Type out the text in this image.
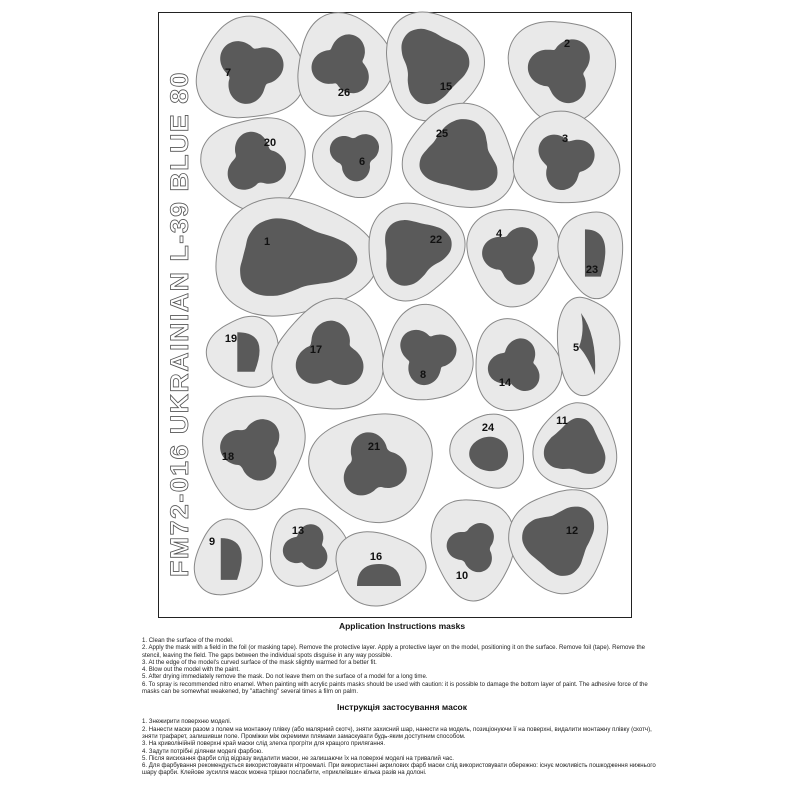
FM72-016 UKRAINIAN L-39 BLUE 80
7
26	15
2
20
6
25	3
1	22	4
23
19
17
8
14
5
18
21
24
11
9
13
16
10
12
Application Instructions masks
1. Clean the surface of the model.
2. Apply the mask with a field in the foil (or masking tape). Remove the protective layer. Apply a protective layer on the model, positioning it on the surface. Remove foil (tape). Remove the stencil, leaving the field. The gaps between the individual spots disguise in any way possible.
3. At the edge of the model's curved surface of the mask slightly warmed for a better fit.
4. Blow out the model with the paint.
5. After drying immediately remove the mask. Do not leave them on the surface of a model for a long time.
6. To spray is recommended nitro enamel. When painting with acrylic paints masks should be used with caution: it is possible to damage the bottom layer of paint. The adhesive force of the masks can be somewhat weakened, by "attaching" several times a film on palm.
Інструкція застосування масок
1. Знежирити поверхню моделі.
2. Нанести маски разом з полем на монтажну плівку (або малярний скотч), зняти захисний шар, нанести на модель, позиціонуючи її на поверхні, видалити монтажну плівку (скотч), зняти трафарет, залишивши поле. Проміжки між окремими плямами замаскувати будь-яким доступним способом.
3. На криволінійній поверхні край маски слід злегка прогріти для кращого прилягання.
4. Задути потрібні ділянки моделі фарбою.
5. Після висихання фарби слід відразу видалити маски, не залишаючи їх на поверхні моделі на тривалий час.
6. Для фарбування рекомендується використовувати нітроемалі. При використанні акрилових фарб маски слід використовувати обережно: існує можливість пошкодження нижнього шару фарби. Клейове зусилля масок можна трішки послабити, «приклеївши» кілька разів на долоні.
